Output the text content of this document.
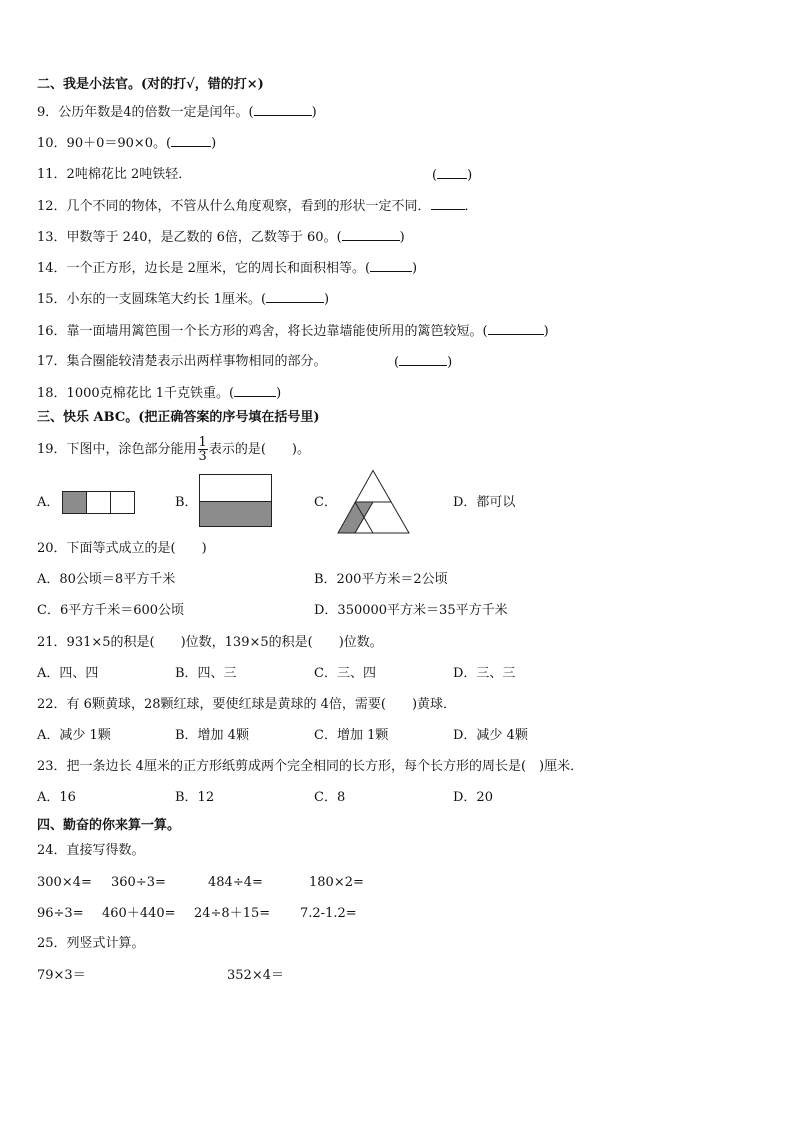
二、我是小法官。(对的打√，错的打×)
9．公历年数是4的倍数一定是闰年。(	)
10．90＋0＝90×0。(	)
11．2吨棉花比 2吨铁轻．	( )
12．几个不同的物体，不管从什么角度观察，看到的形状一定不同．	．
13．甲数等于 240，是乙数的 6倍，乙数等于 60。(	)
14．一个正方形，边长是 2厘米，它的周长和面积相等。(	)
15．小东的一支圆珠笔大约长 1厘米。(	)
16．靠一面墙用篱笆围一个长方形的鸡舍，将长边靠墙能使所用的篱笆较短。(	)
17．集合圈能较清楚表示出两样事物相同的部分。	(	)
18．1000克棉花比 1千克铁重。(	)
三、快乐 ABC。(把正确答案的序号填在括号里)
19．下图中，涂色部分能用 $\frac{1}{3}$ 表示的是(　　)。
A．	B．	C．	D．都可以
20．下面等式成立的是(　　)
A．80公顷＝8平方千米	B．200平方米＝2公顷
C．6平方千米＝600公顷	D．350000平方米＝35平方千米
21．931×5的积是(　　)位数，139×5的积是(　　)位数。
A．四、四	B．四、三	C．三、四	D．三、三
22．有 6颗黄球，28颗红球，要使红球是黄球的 4倍，需要(　　)黄球．
A．减少 1颗	B．增加 4颗	C．增加 1颗	D．减少 4颗
23．把一条边长 4厘米的正方形纸剪成两个完全相同的长方形，每个长方形的周长是(　)厘米．
A．16	B．12	C．8	D．20
四、勤奋的你来算一算。
24．直接写得数。
300×4= 360÷3=	484÷4=	180×2=
96÷3= 460＋440= 24÷8＋15= 7.2-1.2=
25．列竖式计算。
79×3＝	352×4＝
